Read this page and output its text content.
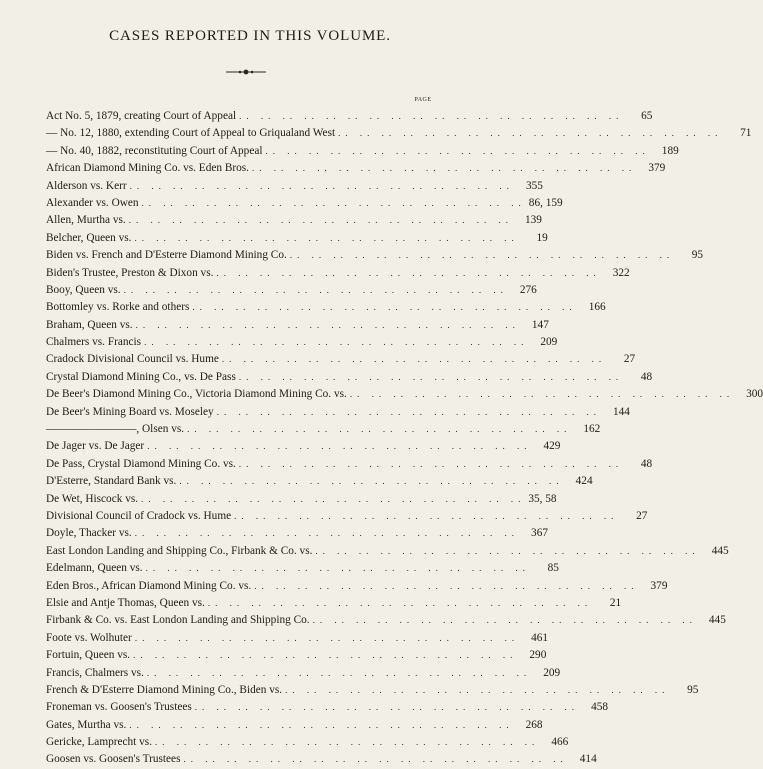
CASES REPORTED IN THIS VOLUME.
PAGE
Act No. 5, 1879, creating Court of Appeal .. .. .. .. .. .. .. .. .. .. .. .. .. .. .. .. .. ..	65
— No. 12, 1880, extending Court of Appeal to Griqualand West .. .. .. .. .. .. .. .. .. .. .. .. .. .. .. .. .. ..	71
— No. 40, 1882, reconstituting Court of Appeal .. .. .. .. .. .. .. .. .. .. .. .. .. .. .. .. .. ..	189
African Diamond Mining Co. vs. Eden Bros. .. .. .. .. .. .. .. .. .. .. .. .. .. .. .. .. .. ..	379
Alderson vs. Kerr .. .. .. .. .. .. .. .. .. .. .. .. .. .. .. .. .. ..	355
Alexander vs. Owen .. .. .. .. .. .. .. .. .. .. .. .. .. .. .. .. .. .. 86, 159
Allen, Murtha vs. .. .. .. .. .. .. .. .. .. .. .. .. .. .. .. .. .. ..	139
Belcher, Queen vs. .. .. .. .. .. .. .. .. .. .. .. .. .. .. .. .. .. ..	19
Biden vs. French and D'Esterre Diamond Mining Co. .. .. .. .. .. .. .. .. .. .. .. .. .. .. .. .. .. ..	95
Biden's Trustee, Preston & Dixon vs. .. .. .. .. .. .. .. .. .. .. .. .. .. .. .. .. .. ..	322
Booy, Queen vs. .. .. .. .. .. .. .. .. .. .. .. .. .. .. .. .. .. ..	276
Bottomley vs. Rorke and others .. .. .. .. .. .. .. .. .. .. .. .. .. .. .. .. .. ..	166
Braham, Queen vs. .. .. .. .. .. .. .. .. .. .. .. .. .. .. .. .. .. ..	147
Chalmers vs. Francis .. .. .. .. .. .. .. .. .. .. .. .. .. .. .. .. .. ..	209
Cradock Divisional Council vs. Hume .. .. .. .. .. .. .. .. .. .. .. .. .. .. .. .. .. ..	27
Crystal Diamond Mining Co., vs. De Pass .. .. .. .. .. .. .. .. .. .. .. .. .. .. .. .. .. ..	48
De Beer's Diamond Mining Co., Victoria Diamond Mining Co. vs. .. .. .. .. .. .. .. .. .. .. .. .. .. .. .. .. .. ..	300
De Beer's Mining Board vs. Moseley .. .. .. .. .. .. .. .. .. .. .. .. .. .. .. .. .. ..	144
————————, Olsen vs. .. .. .. .. .. .. .. .. .. .. .. .. .. .. .. .. .. ..	162
De Jager vs. De Jager .. .. .. .. .. .. .. .. .. .. .. .. .. .. .. .. .. ..	429
De Pass, Crystal Diamond Mining Co. vs. .. .. .. .. .. .. .. .. .. .. .. .. .. .. .. .. .. ..	48
D'Esterre, Standard Bank vs. .. .. .. .. .. .. .. .. .. .. .. .. .. .. .. .. .. ..	424
De Wet, Hiscock vs. .. .. .. .. .. .. .. .. .. .. .. .. .. .. .. .. .. .. 35, 58
Divisional Council of Cradock vs. Hume .. .. .. .. .. .. .. .. .. .. .. .. .. .. .. .. .. ..	27
Doyle, Thacker vs. .. .. .. .. .. .. .. .. .. .. .. .. .. .. .. .. .. ..	367
East London Landing and Shipping Co., Firbank & Co. vs. .. .. .. .. .. .. .. .. .. .. .. .. .. .. .. .. .. ..	445
Edelmann, Queen vs. .. .. .. .. .. .. .. .. .. .. .. .. .. .. .. .. .. ..	85
Eden Bros., African Diamond Mining Co. vs. .. .. .. .. .. .. .. .. .. .. .. .. .. .. .. .. .. ..	379
Elsie and Antje Thomas, Queen vs. .. .. .. .. .. .. .. .. .. .. .. .. .. .. .. .. .. ..	21
Firbank & Co. vs. East London Landing and Shipping Co. .. .. .. .. .. .. .. .. .. .. .. .. .. .. .. .. .. ..	445
Foote vs. Wolhuter .. .. .. .. .. .. .. .. .. .. .. .. .. .. .. .. .. ..	461
Fortuin, Queen vs. .. .. .. .. .. .. .. .. .. .. .. .. .. .. .. .. .. ..	290
Francis, Chalmers vs. .. .. .. .. .. .. .. .. .. .. .. .. .. .. .. .. .. ..	209
French & D'Esterre Diamond Mining Co., Biden vs. .. .. .. .. .. .. .. .. .. .. .. .. .. .. .. .. .. ..	95
Froneman vs. Goosen's Trustees .. .. .. .. .. .. .. .. .. .. .. .. .. .. .. .. .. ..	458
Gates, Murtha vs. .. .. .. .. .. .. .. .. .. .. .. .. .. .. .. .. .. ..	268
Gericke, Lamprecht vs. .. .. .. .. .. .. .. .. .. .. .. .. .. .. .. .. .. ..	466
Goosen vs. Goosen's Trustees .. .. .. .. .. .. .. .. .. .. .. .. .. .. .. .. .. ..	414
